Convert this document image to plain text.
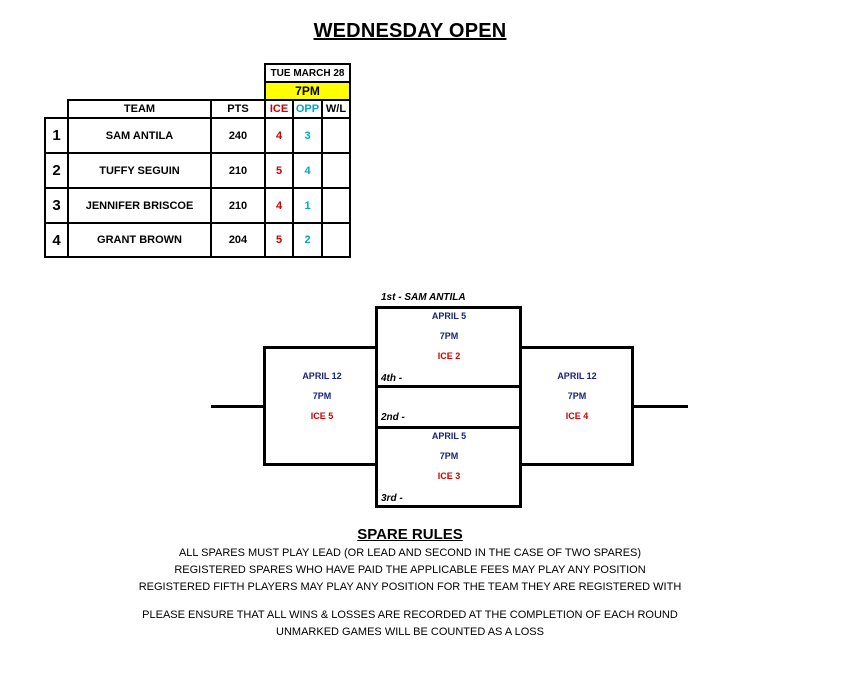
WEDNESDAY OPEN
TUE MARCH 28
7PM
TEAM	PTS	ICE OPP W/L
1	SAM ANTILA	240	4	3
2	TUFFY SEGUIN	210	5	4
3	JENNIFER BRISCOE	210	4	1
4	GRANT BROWN	204	5	2
1st - SAM ANTILA
4th -
2nd -
3rd -
APRIL 5
7PM
ICE 2
APRIL 5
7PM
ICE 3
APRIL 12
7PM
ICE 5
APRIL 12
7PM
ICE 4
SPARE RULES
ALL SPARES MUST PLAY LEAD (OR LEAD AND SECOND IN THE CASE OF TWO SPARES)
REGISTERED SPARES WHO HAVE PAID THE APPLICABLE FEES MAY PLAY ANY POSITION
REGISTERED FIFTH PLAYERS MAY PLAY ANY POSITION FOR THE TEAM THEY ARE REGISTERED WITH
PLEASE ENSURE THAT ALL WINS & LOSSES ARE RECORDED AT THE COMPLETION OF EACH ROUND
UNMARKED GAMES WILL BE COUNTED AS A LOSS
